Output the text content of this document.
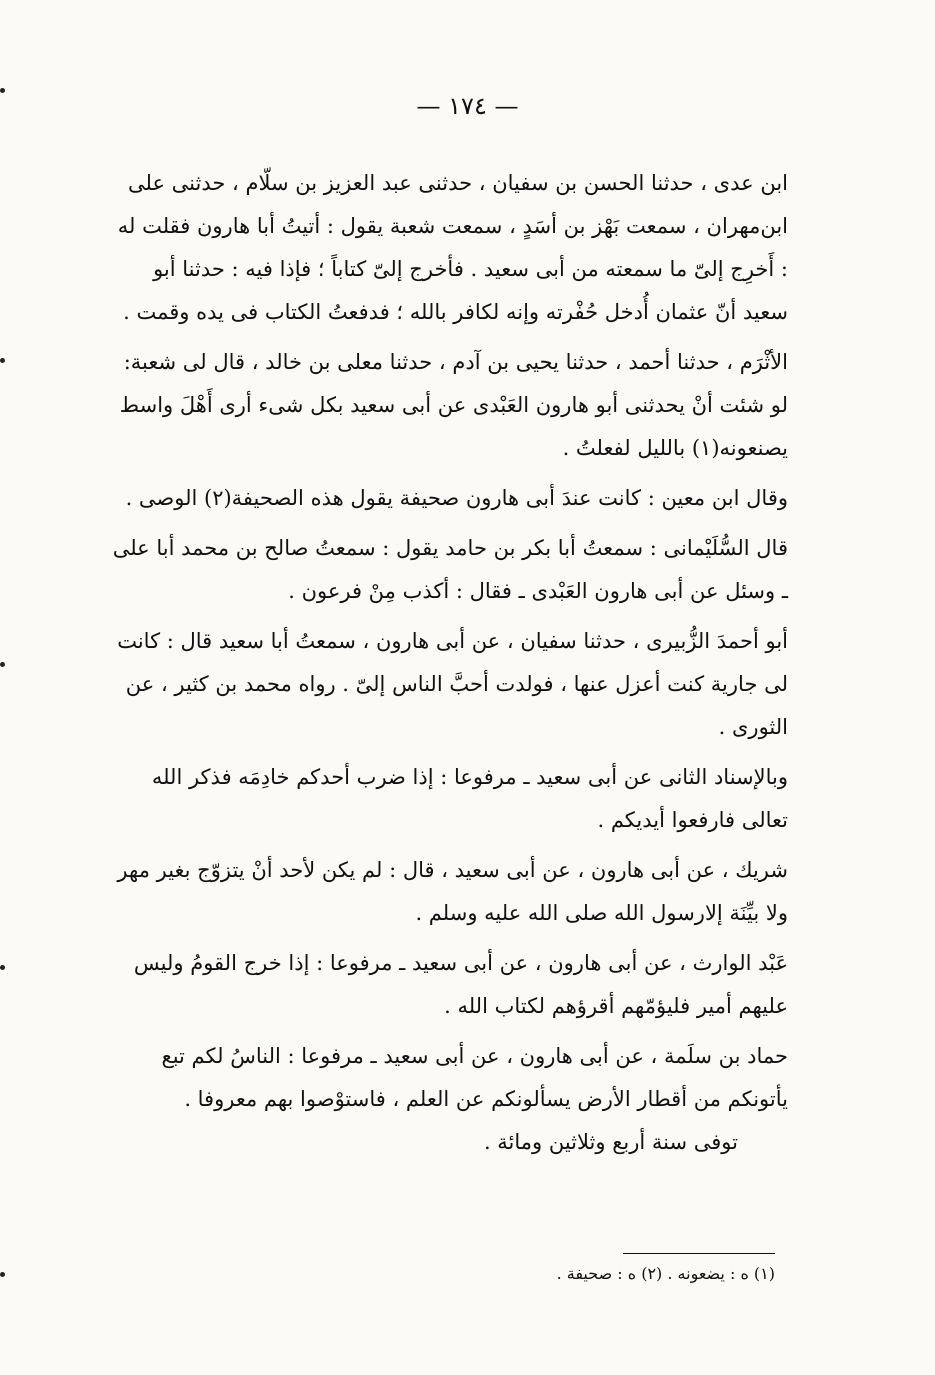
— ١٧٤ —

ابن عدى ، حدثنا الحسن بن سفيان ، حدثنى عبد العزيز بن سلّام ، حدثنى على ابن‌مهران ، سمعت بَهْز بن أسَدٍ ، سمعت شعبة يقول : أتيتُ أبا هارون فقلت له : أَخرِج إلىّ ما سمعته من أبى سعيد . فأخرج إلىّ كتاباً ؛ فإذا فيه : حدثنا أبو سعيد أنّ عثمان أُدخل حُفْرته وإنه لكافر بالله ؛ فدفعتُ الكتاب فى يده وقمت .

الأثْرَم ، حدثنا أحمد ، حدثنا يحيى بن آدم ، حدثنا معلى بن خالد ، قال لى شعبة: لو شئت أنْ يحدثنى أبو هارون العَبْدى عن أبى سعيد بكل شىء أرى أَهْلَ واسط يصنعونه(١) بالليل لفعلتُ .

وقال ابن معين : كانت عندَ أبى هارون صحيفة يقول هذه الصحيفة(٢) الوصى .

قال السُّلَيْمانى : سمعتُ أبا بكر بن حامد يقول : سمعتُ صالح بن محمد أبا على ـ وسئل عن أبى هارون العَبْدى ـ فقال : أكذب مِنْ فرعون .

أبو أحمدَ الزُّبيرى ، حدثنا سفيان ، عن أبى هارون ، سمعتُ أبا سعيد قال : كانت لى جارية كنت أعزل عنها ، فولدت أحبَّ الناس إلىّ . رواه محمد بن كثير ، عن الثورى .

وبالإسناد الثانى عن أبى سعيد ـ مرفوعا : إذا ضرب أحدكم خادِمَه فذكر الله تعالى فارفعوا أيديكم .

شريك ، عن أبى هارون ، عن أبى سعيد ، قال : لم يكن لأحد أنْ يتزوّج بغير مهر ولا بيِّنَة إلارسول الله صلى الله عليه وسلم .

عَبْد الوارث ، عن أبى هارون ، عن أبى سعيد ـ مرفوعا : إذا خرج القومُ وليس عليهم أمير فليؤمّهم أقرؤهم لكتاب الله .

حماد بن سلَمة ، عن أبى هارون ، عن أبى سعيد ـ مرفوعا : الناسُ لكم تبع يأتونكم من أقطار الأرض يسألونكم عن العلم ، فاستوْصوا بهم معروفا .

توفى سنة أربع وثلاثين ومائة .

(١) ه : يضعونه . (٢) ه : صحيفة .
